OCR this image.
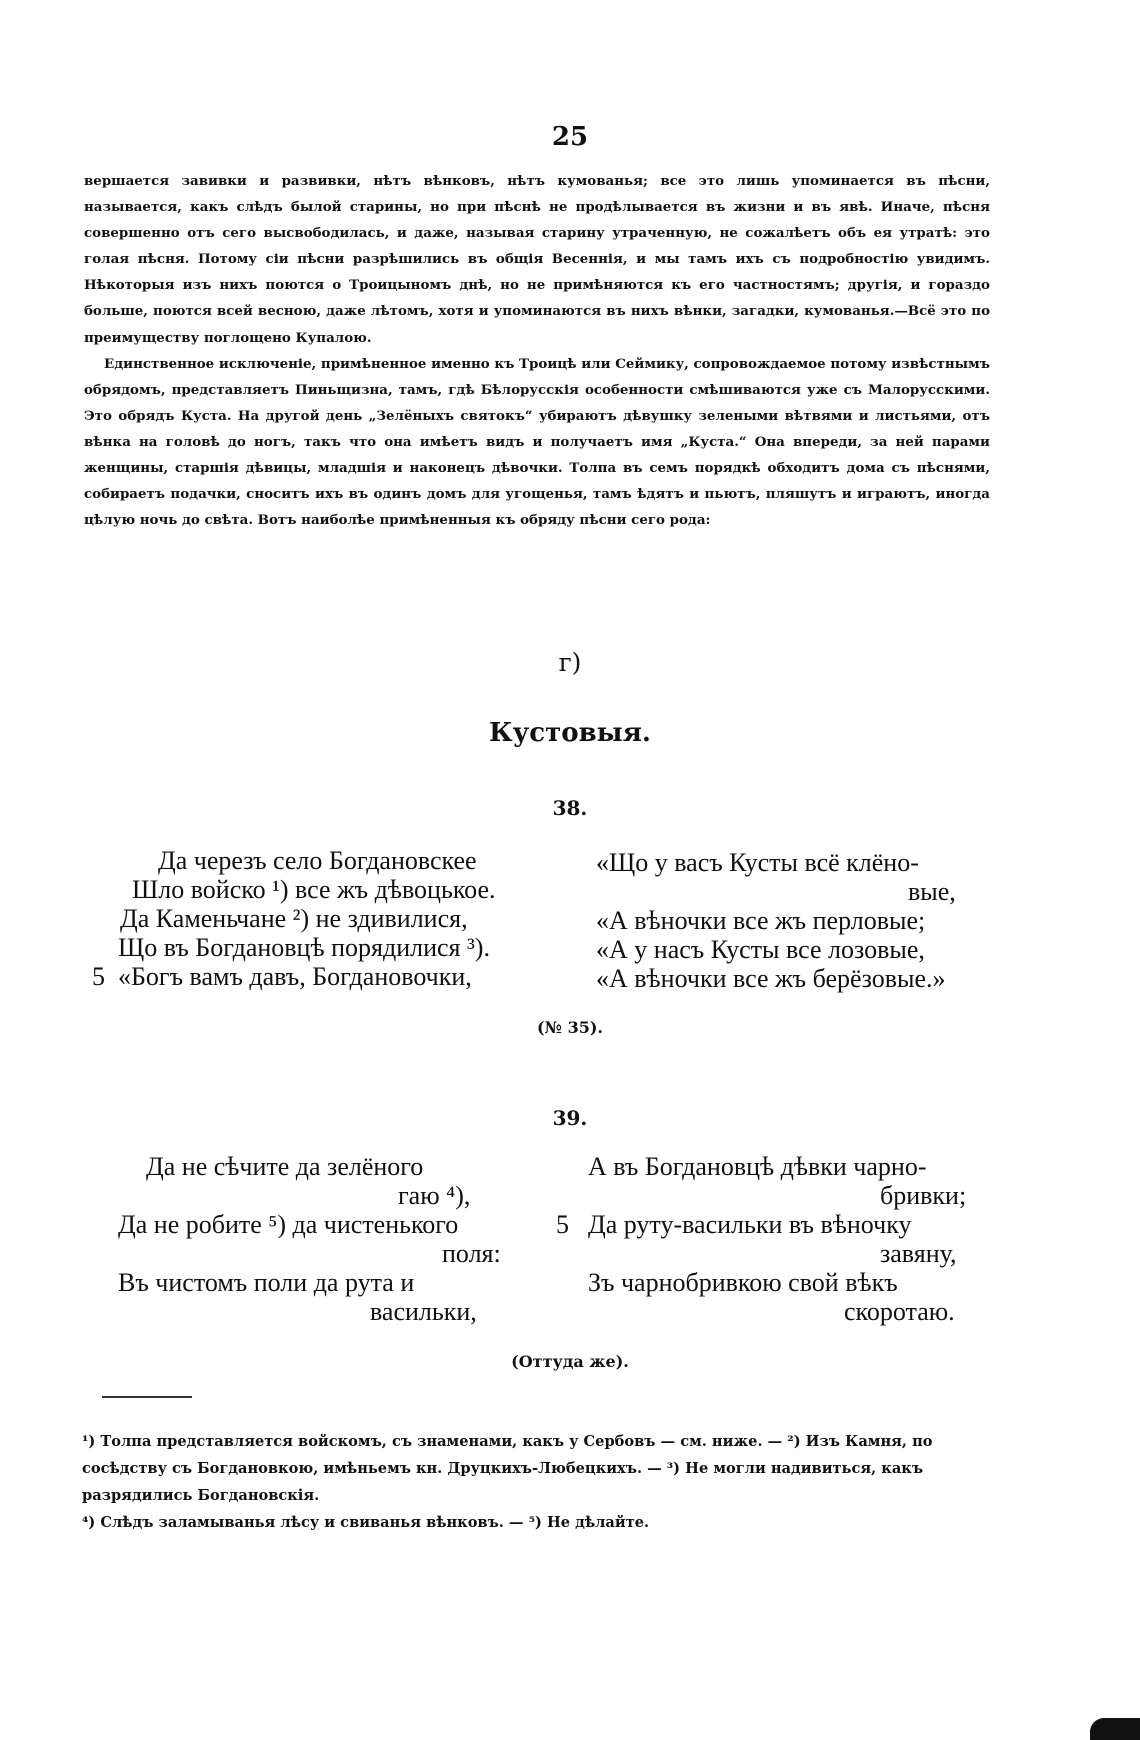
25

вершается завивки и развивки, нѣтъ вѣнковъ, нѣтъ кумованья; все это лишь упоминается въ пѣсни, называется, какъ слѣдъ былой старины, но при пѣснѣ не продѣлывается въ жизни и въ явѣ. Иначе, пѣсня совершенно отъ сего высвободилась, и даже, называя старину утраченную, не сожалѣетъ объ ея утратѣ: это голая пѣсня. Потому сіи пѣсни разрѣшились въ общія Весеннія, и мы тамъ ихъ съ подробностію увидимъ. Нѣкоторыя изъ нихъ поются о Троицыномъ днѣ, но не примѣняются къ его частностямъ; другія, и гораздо больше, поются всей весною, даже лѣтомъ, хотя и упоминаются въ нихъ вѣнки, загадки, кумованья.—Всё это по преимуществу поглощено Купалою.

Единственное исключеніе, примѣненное именно къ Троицѣ или Сеймику, сопровождаемое потому извѣстнымъ обрядомъ, представляетъ Пиньщизна, тамъ, гдѣ Бѣлорусскія особенности смѣшиваются уже съ Малорусскими. Это обрядъ Куста. На другой день „Зелёныхъ святокъ“ убираютъ дѣвушку зелеными вѣтвями и листьями, отъ вѣнка на головѣ до ногъ, такъ что она имѣетъ видъ и получаетъ имя „Куста.“ Она впереди, за ней парами женщины, старшія дѣвицы, младшія и наконецъ дѣвочки. Толпа въ семъ порядкѣ обходитъ дома съ пѣснями, собираетъ подачки, сноситъ ихъ въ одинъ домъ для угощенья, тамъ ѣдятъ и пьютъ, пляшутъ и играютъ, иногда цѣлую ночь до свѣта. Вотъ наиболѣе примѣненныя къ обряду пѣсни сего рода:

г)
Кустовыя.
38.
Да черезъ село Богдановскее
Шло войско ¹) все жъ дѣвоцькое.
Да Каменьчане ²) не здивилися,
Що въ Богдановцѣ порядилися ³).
5 «Богъ вамъ давъ, Богдановочки,
«Що у васъ Кусты всё клёно-
вые,
«А вѣночки все жъ перловые;
«А у насъ Кусты все лозовые,
«А вѣночки все жъ берёзовые.»
(№ 35).
39.
Да не сѣчите да зелёного
гаю ⁴),
Да не робите ⁵) да чистенького
поля:
Въ чистомъ поли да рута и
васильки,
А въ Богдановцѣ дѣвки чарно-
бривки;
5 Да руту-васильки въ вѣночку
завяну,
Зъ чарнобривкою свой вѣкъ
скоротаю.
(Оттуда же).

¹) Толпа представляется войскомъ, съ знаменами, какъ у Сербовъ — см. ниже. — ²) Изъ Камня, по сосѣдству съ Богдановкою, имѣньемъ кн. Друцкихъ-Любецкихъ. — ³) Не могли надивиться, какъ разрядились Богдановскія.

⁴) Слѣдъ заламыванья лѣсу и свиванья вѣнковъ. — ⁵) Не дѣлайте.
